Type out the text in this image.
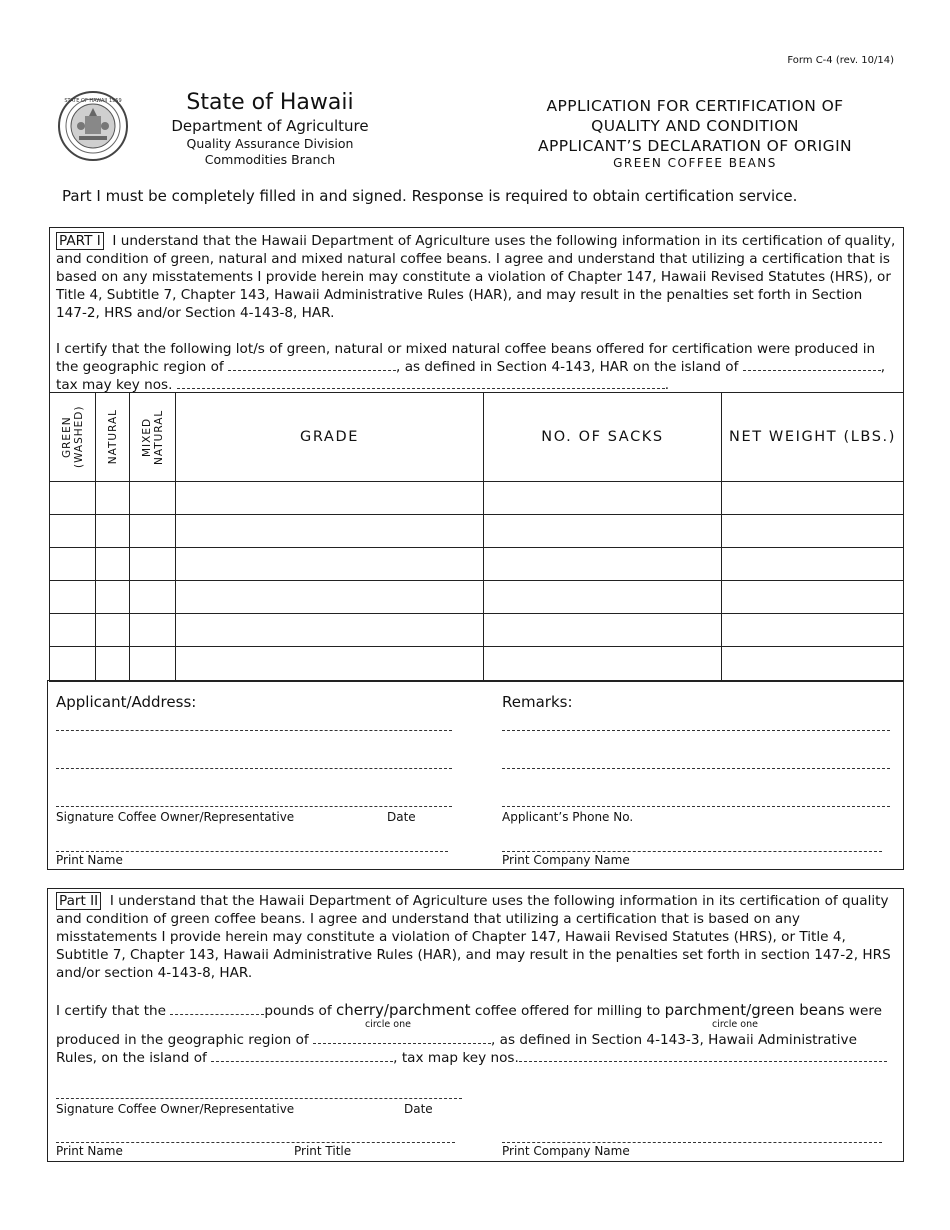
Form C-4 (rev. 10/14)
STATE OF HAWAII 1959	State of Hawaii
Department of Agriculture
Quality Assurance Division
Commodities Branch
APPLICATION FOR CERTIFICATION OF
QUALITY AND CONDITION
APPLICANT’S DECLARATION OF ORIGIN
GREEN COFFEE BEANS
Part I must be completely filled in and signed. Response is required to obtain certification service.

PART I I understand that the Hawaii Department of Agriculture uses the following information in its certification of quality, and condition of green, natural and mixed natural coffee beans. I agree and understand that utilizing a certification that is based on any misstatements I provide herein may constitute a violation of Chapter 147, Hawaii Revised Statutes (HRS), or Title 4, Subtitle 7, Chapter 143, Hawaii Administrative Rules (HAR), and may result in the penalties set forth in Section 147-2, HRS and/or Section 4-143-8, HAR.

I certify that the following lot/s of green, natural or mixed natural coffee beans offered for certification were produced in the geographic region of	, as defined in Section 4-143, HAR on the island of	, tax may key nos.	.

GREEN (WASHED)	NATURAL	MIXED NATURAL	GRADE	NO. OF SACKS	NET WEIGHT (LBS.)

Applicant/Address:	Remarks:
Signature Coffee Owner/Representative	Date	Applicant’s Phone No.
Print Name	Print Company Name

Part II I understand that the Hawaii Department of Agriculture uses the following information in its certification of quality and condition of green coffee beans. I agree and understand that utilizing a certification that is based on any misstatements I provide herein may constitute a violation of Chapter 147, Hawaii Revised Statutes (HRS), or Title 4, Subtitle 7, Chapter 143, Hawaii Administrative Rules (HAR), and may result in the penalties set forth in section 147-2, HRS and/or section 4-143-8, HAR.

I certify that the	pounds of cherry/parchment coffee offered for milling to parchment/green beans were
circle one	circle one
produced in the geographic region of	, as defined in Section 4-143-3, Hawaii Administrative
Rules, on the island of	, tax map key nos.
Signature Coffee Owner/Representative	Date
Print Name	Print Title	Print Company Name
